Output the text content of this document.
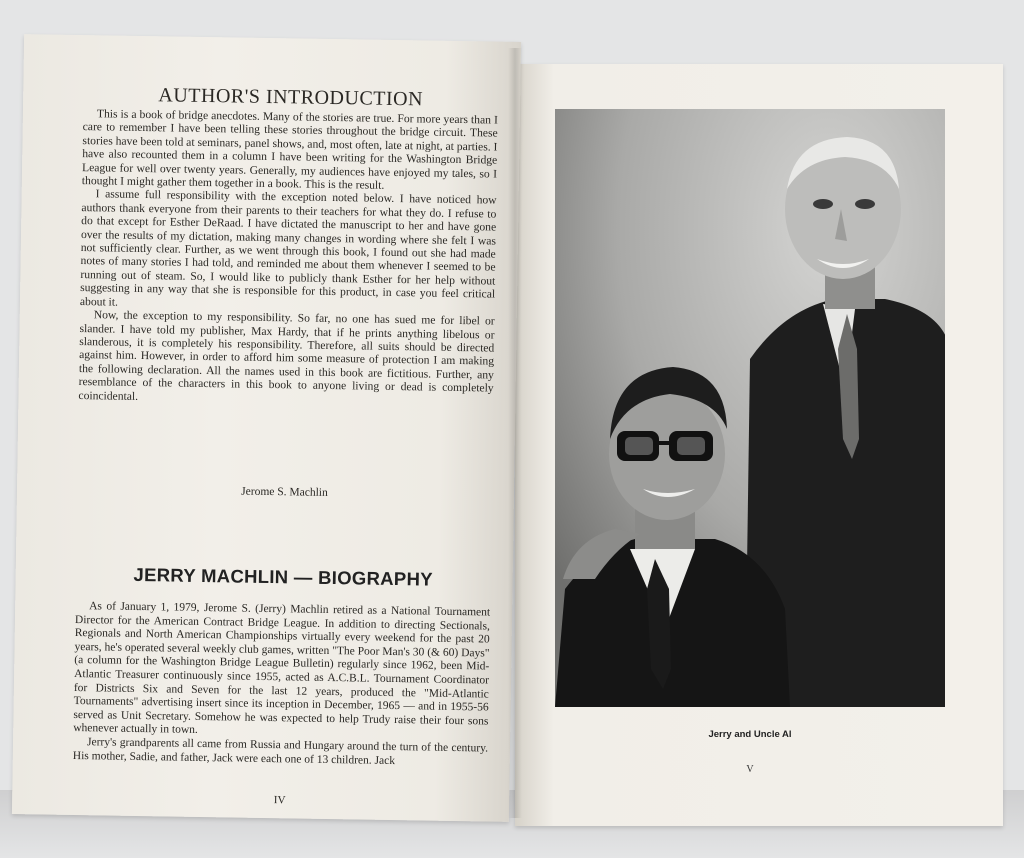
Jerry and Uncle Al

V

AUTHOR'S INTRODUCTION

This is a book of bridge anecdotes. Many of the stories are true. For more years than I care to remember I have been telling these stories throughout the bridge circuit. These stories have been told at seminars, panel shows, and, most often, late at night, at parties. I have also recounted them in a column I have been writing for the Washington Bridge League for well over twenty years. Generally, my audiences have enjoyed my tales, so I thought I might gather them together in a book. This is the result.

I assume full responsibility with the exception noted below. I have noticed how authors thank everyone from their parents to their teachers for what they do. I refuse to do that except for Esther DeRaad. I have dictated the manuscript to her and have gone over the results of my dictation, making many changes in wording where she felt I was not sufficiently clear. Further, as we went through this book, I found out she had made notes of many stories I had told, and reminded me about them whenever I seemed to be running out of steam. So, I would like to publicly thank Esther for her help without suggesting in any way that she is responsible for this product, in case you feel critical about it.

Now, the exception to my responsibility. So far, no one has sued me for libel or slander. I have told my publisher, Max Hardy, that if he prints anything libelous or slanderous, it is completely his responsibility. Therefore, all suits should be directed against him. However, in order to afford him some measure of protection I am making the following declaration. All the names used in this book are fictitious. Further, any resemblance of the characters in this book to anyone living or dead is completely coincidental.

Jerome S. Machlin

JERRY MACHLIN — BIOGRAPHY

As of January 1, 1979, Jerome S. (Jerry) Machlin retired as a National Tournament Director for the American Contract Bridge League. In addition to directing Sectionals, Regionals and North American Championships virtually every weekend for the past 20 years, he's operated several weekly club games, written "The Poor Man's 30 (& 60) Days" (a column for the Washington Bridge League Bulletin) regularly since 1962, been Mid-Atlantic Treasurer continuously since 1955, acted as A.C.B.L. Tournament Coordinator for Districts Six and Seven for the last 12 years, produced the "Mid-Atlantic Tournaments" advertising insert since its inception in December, 1965 — and in 1955-56 served as Unit Secretary. Somehow he was expected to help Trudy raise their four sons whenever actually in town.

Jerry's grandparents all came from Russia and Hungary around the turn of the century. His mother, Sadie, and father, Jack were each one of 13 children. Jack

IV
